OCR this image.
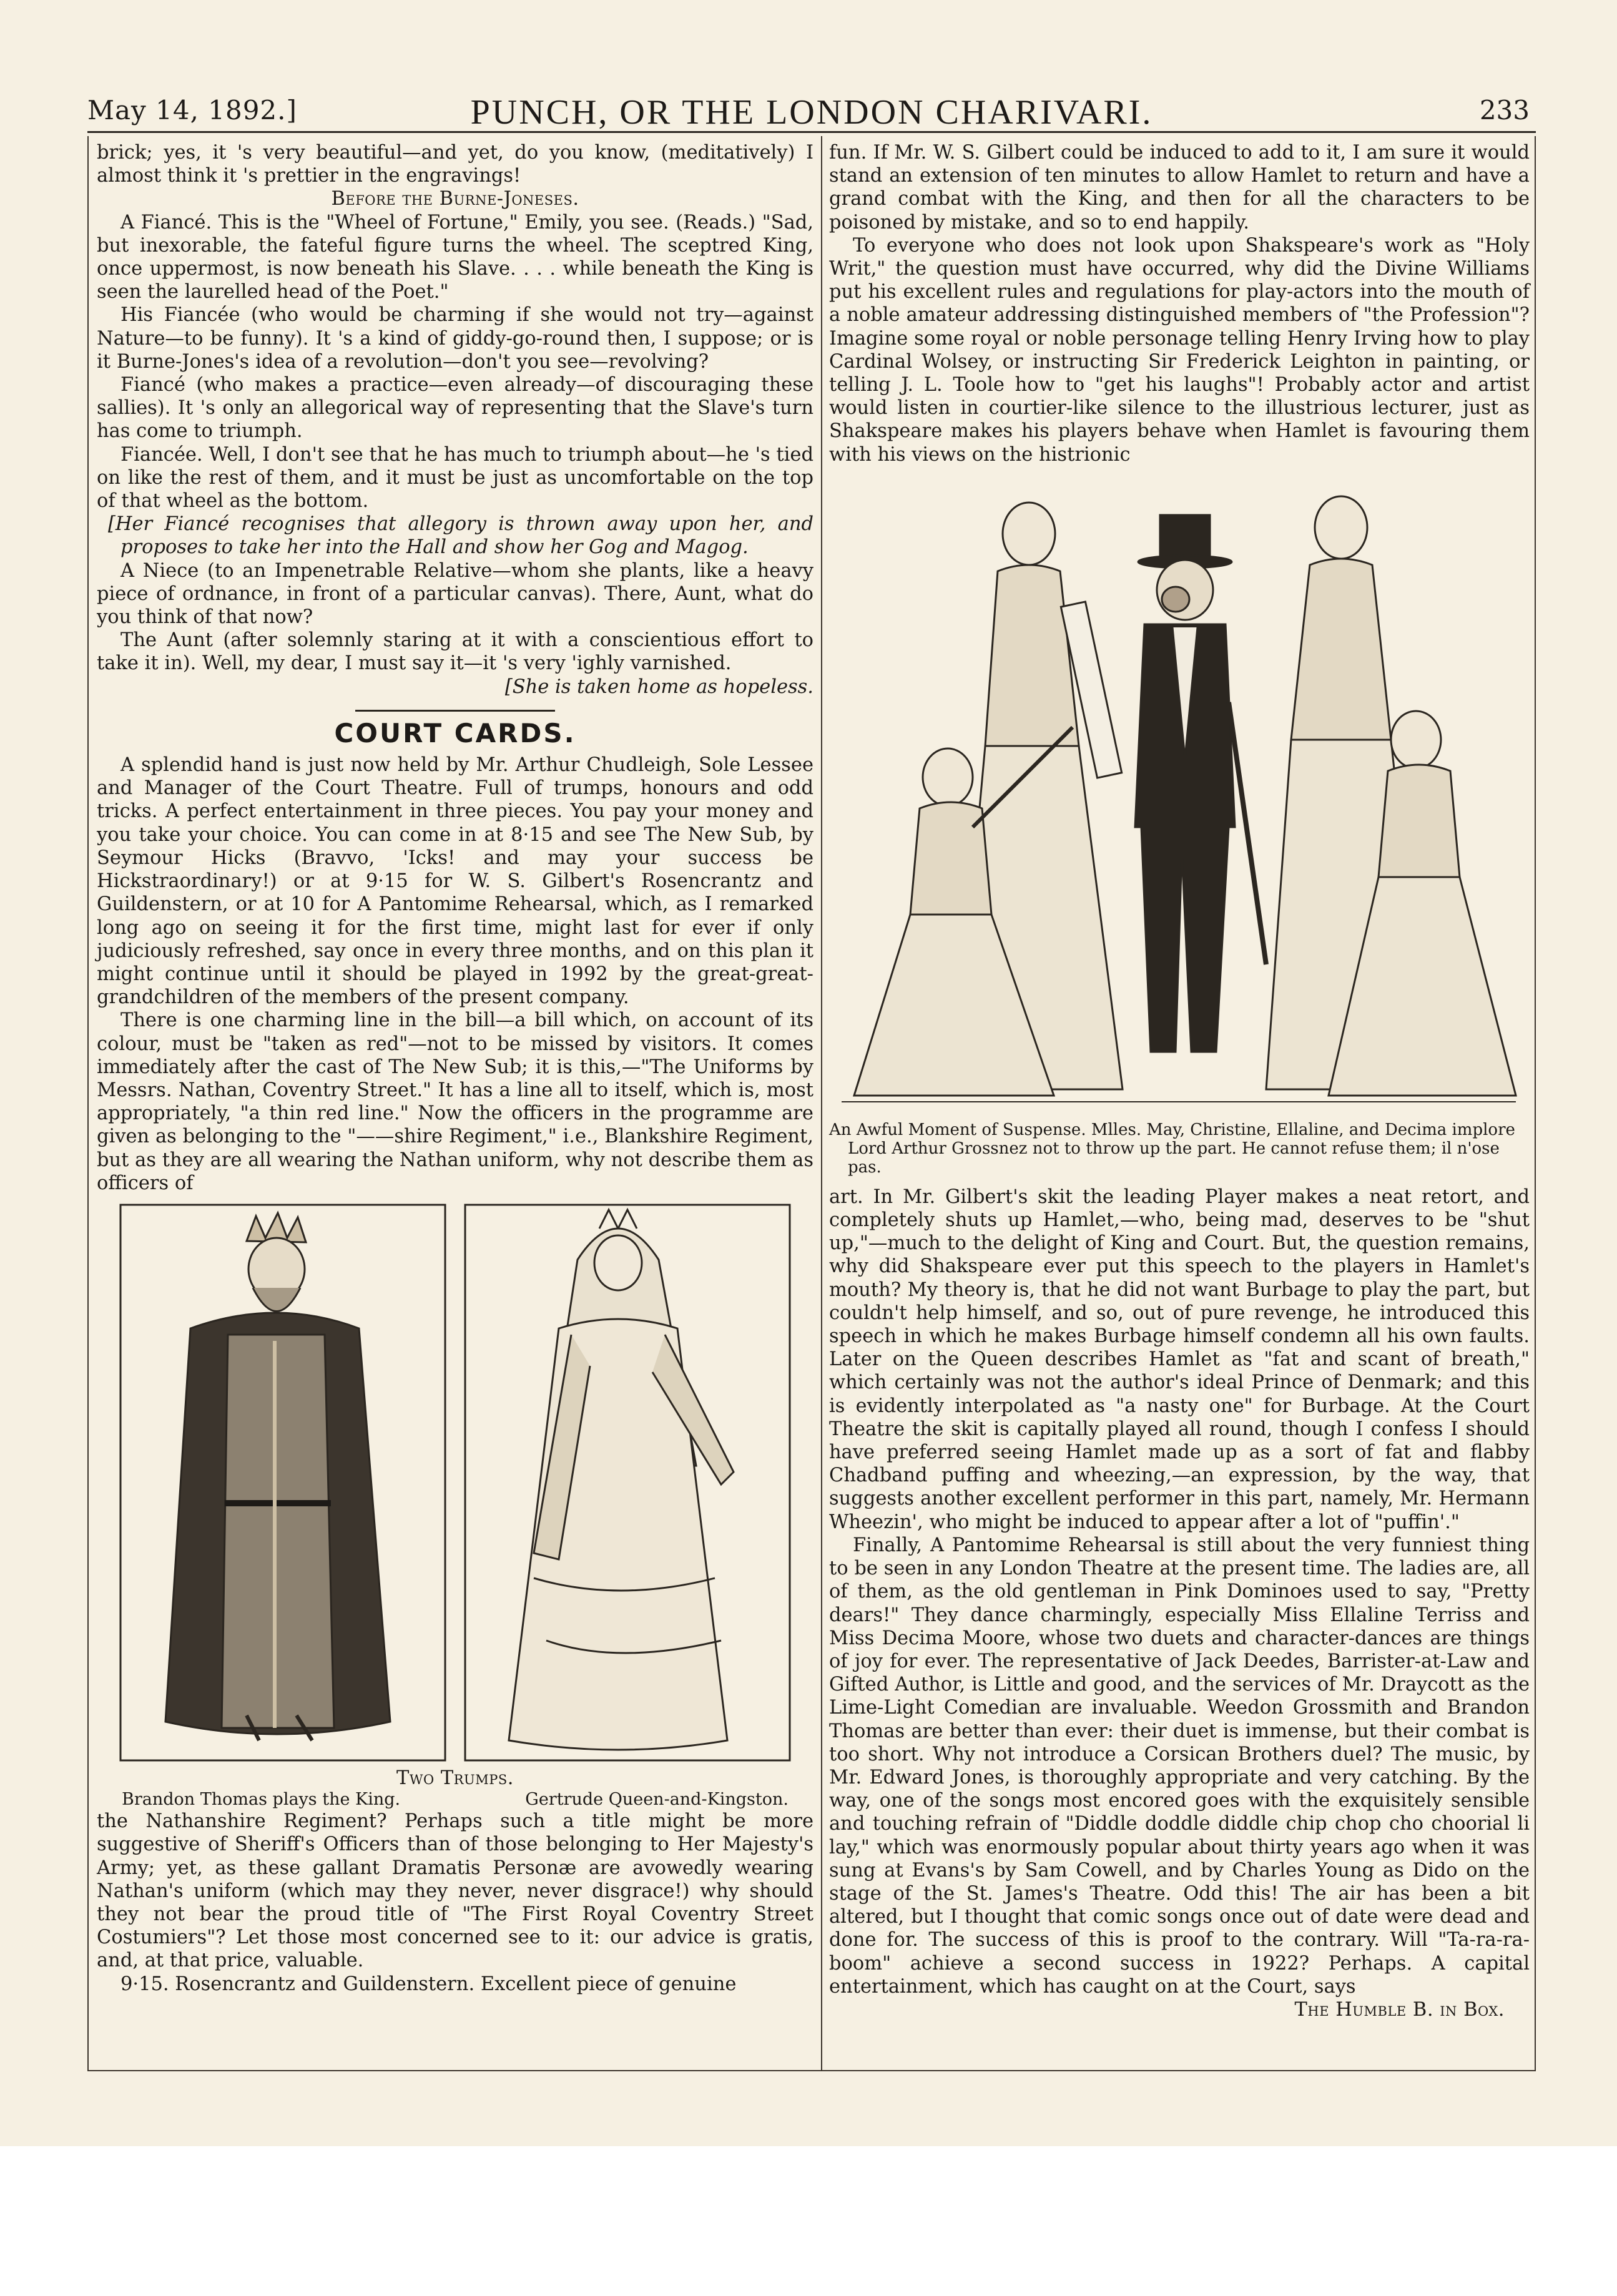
May 14, 1892.]	PUNCH, OR THE LONDON CHARIVARI.	233

brick; yes, it 's very beautiful—and yet, do you know, (meditatively) I almost think it 's prettier in the engravings!

Before the Burne-Joneses.

A Fiancé. This is the "Wheel of Fortune," Emily, you see. (Reads.) "Sad, but inexorable, the fateful figure turns the wheel. The sceptred King, once uppermost, is now beneath his Slave. . . . while beneath the King is seen the laurelled head of the Poet."

His Fiancée (who would be charming if she would not try—against Nature—to be funny). It 's a kind of giddy-go-round then, I suppose; or is it Burne-Jones's idea of a revolution—don't you see—revolving?

Fiancé (who makes a practice—even already—of discouraging these sallies). It 's only an allegorical way of representing that the Slave's turn has come to triumph.

Fiancée. Well, I don't see that he has much to triumph about—he 's tied on like the rest of them, and it must be just as uncomfortable on the top of that wheel as the bottom.

[Her Fiancé recognises that allegory is thrown away upon her, and proposes to take her into the Hall and show her Gog and Magog.

A Niece (to an Impenetrable Relative—whom she plants, like a heavy piece of ordnance, in front of a particular canvas). There, Aunt, what do you think of that now?

The Aunt (after solemnly staring at it with a conscientious effort to take it in). Well, my dear, I must say it—it 's very 'ighly varnished.

[She is taken home as hopeless.

COURT CARDS.

A splendid hand is just now held by Mr. Arthur Chudleigh, Sole Lessee and Manager of the Court Theatre. Full of trumps, honours and odd tricks. A perfect entertainment in three pieces. You pay your money and you take your choice. You can come in at 8·15 and see The New Sub, by Seymour Hicks (Bravvo, 'Icks! and may your success be Hickstraordinary!) or at 9·15 for W. S. Gilbert's Rosencrantz and Guildenstern, or at 10 for A Pantomime Rehearsal, which, as I remarked long ago on seeing it for the first time, might last for ever if only judiciously refreshed, say once in every three months, and on this plan it might continue until it should be played in 1992 by the great-great-grandchildren of the members of the present company.

There is one charming line in the bill—a bill which, on account of its colour, must be "taken as red"—not to be missed by visitors. It comes immediately after the cast of The New Sub; it is this,—"The Uniforms by Messrs. Nathan, Coventry Street." It has a line all to itself, which is, most appropriately, "a thin red line." Now the officers in the programme are given as belonging to the "——shire Regiment," i.e., Blankshire Regiment, but as they are all wearing the Nathan uniform, why not describe them as officers of

Two Trumps.

Brandon Thomas plays the King.	Gertrude Queen-and-Kingston.

the Nathanshire Regiment? Perhaps such a title might be more suggestive of Sheriff's Officers than of those belonging to Her Majesty's Army; yet, as these gallant Dramatis Personæ are avowedly wearing Nathan's uniform (which may they never, never disgrace!) why should they not bear the proud title of "The First Royal Coventry Street Costumiers"? Let those most concerned see to it: our advice is gratis, and, at that price, valuable.

9·15. Rosencrantz and Guildenstern. Excellent piece of genuine

fun. If Mr. W. S. Gilbert could be induced to add to it, I am sure it would stand an extension of ten minutes to allow Hamlet to return and have a grand combat with the King, and then for all the characters to be poisoned by mistake, and so to end happily.

To everyone who does not look upon Shakspeare's work as "Holy Writ," the question must have occurred, why did the Divine Williams put his excellent rules and regulations for play-actors into the mouth of a noble amateur addressing distinguished members of "the Profession"? Imagine some royal or noble personage telling Henry Irving how to play Cardinal Wolsey, or instructing Sir Frederick Leighton in painting, or telling J. L. Toole how to "get his laughs"! Probably actor and artist would listen in courtier-like silence to the illustrious lecturer, just as Shakspeare makes his players behave when Hamlet is favouring them with his views on the histrionic

An Awful Moment of Suspense. Mlles. May, Christine, Ellaline, and Decima implore Lord Arthur Grossnez not to throw up the part. He cannot refuse them; il n'ose pas.

art. In Mr. Gilbert's skit the leading Player makes a neat retort, and completely shuts up Hamlet,—who, being mad, deserves to be "shut up,"—much to the delight of King and Court. But, the question remains, why did Shakspeare ever put this speech to the players in Hamlet's mouth? My theory is, that he did not want Burbage to play the part, but couldn't help himself, and so, out of pure revenge, he introduced this speech in which he makes Burbage himself condemn all his own faults. Later on the Queen describes Hamlet as "fat and scant of breath," which certainly was not the author's ideal Prince of Denmark; and this is evidently interpolated as "a nasty one" for Burbage. At the Court Theatre the skit is capitally played all round, though I confess I should have preferred seeing Hamlet made up as a sort of fat and flabby Chadband puffing and wheezing,—an expression, by the way, that suggests another excellent performer in this part, namely, Mr. Hermann Wheezin', who might be induced to appear after a lot of "puffin'."

Finally, A Pantomime Rehearsal is still about the very funniest thing to be seen in any London Theatre at the present time. The ladies are, all of them, as the old gentleman in Pink Dominoes used to say, "Pretty dears!" They dance charmingly, especially Miss Ellaline Terriss and Miss Decima Moore, whose two duets and character-dances are things of joy for ever. The representative of Jack Deedes, Barrister-at-Law and Gifted Author, is Little and good, and the services of Mr. Draycott as the Lime-Light Comedian are invaluable. Weedon Grossmith and Brandon Thomas are better than ever: their duet is immense, but their combat is too short. Why not introduce a Corsican Brothers duel? The music, by Mr. Edward Jones, is thoroughly appropriate and very catching. By the way, one of the songs most encored goes with the exquisitely sensible and touching refrain of "Diddle doddle diddle chip chop cho choorial li lay," which was enormously popular about thirty years ago when it was sung at Evans's by Sam Cowell, and by Charles Young as Dido on the stage of the St. James's Theatre. Odd this! The air has been a bit altered, but I thought that comic songs once out of date were dead and done for. The success of this is proof to the contrary. Will "Ta-ra-ra-boom" achieve a second success in 1922? Perhaps. A capital entertainment, which has caught on at the Court, says

The Humble B. in Box.
